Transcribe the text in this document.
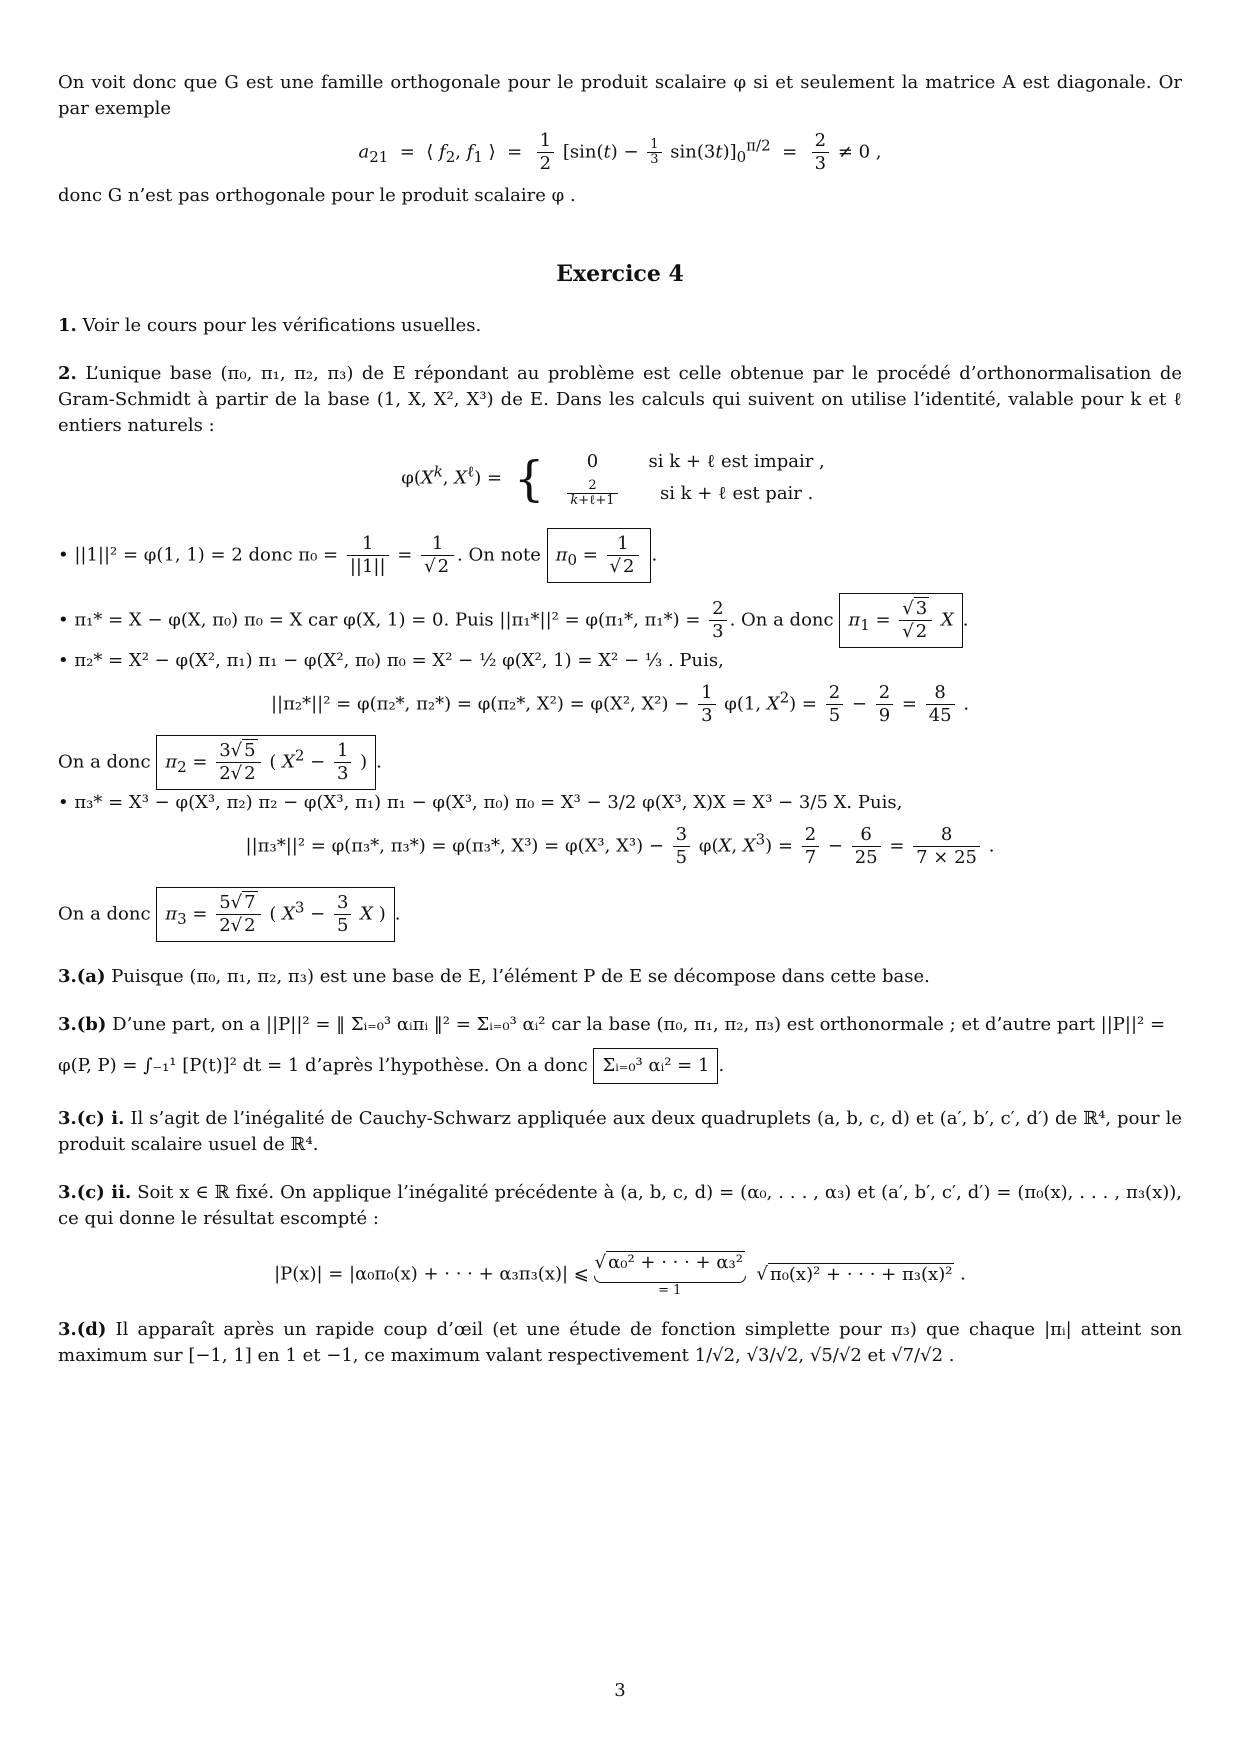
On voit donc que G est une famille orthogonale pour le produit scalaire φ si et seulement la matrice A est diagonale. Or par exemple

$a_{21}$  =  ⟨ $f_2$, $f_1$ ⟩  = $\frac{1}{2} [\sin(t) - \frac{1}{3} \sin(3t)]_0^{\pi/2} = \frac{2}{3} \ne 0$ ,

donc G n’est pas orthogonale pour le produit scalaire φ .

Exercice 4

1. Voir le cours pour les vérifications usuelles.

2. L’unique base (π₀, π₁, π₂, π₃) de E répondant au problème est celle obtenue par le procédé d’orthonormalisation de Gram-Schmidt à partir de la base (1, X, X², X³) de E. Dans les calculs qui suivent on utilise l’identité, valable pour k et ℓ entiers naturels :

$\varphi(X^k$, $X^\ell$) = { 0	si k + ℓ est impair ,

$\frac{2}{\text{k+ℓ+1}}$	si k + ℓ est pair .

• ||1||² = φ(1, 1) = 2 donc $\pi_0 = \frac{1}{||1||} = \frac{1}{√ 2}$ . On note $\pi_0 = \frac{1}{√ 2}$ .

• π₁* = X − φ(X, π₀) π₀ = X car φ(X, 1) = 0. Puis ||π₁*||² = φ(π₁*, $\pi_1*) = \frac{2}{3}$ . On a donc $\pi_1 = \frac{√ 3}{√ 2}$ X .

• π₂* = X² − φ(X², π₁) π₁ − φ(X², π₀) π₀ = X² − ½ φ(X², 1) = X² − ⅓ . Puis,

||π₂*||² = φ(π₂*, π₂*) = φ(π₂*, X²) = φ(X², $X^2) - \frac{1}{3} \varphi(1$, $X^2) = \frac{2}{5} - \frac{2}{9} = \frac{8}{45}$ .

On a donc $\pi_2 = \frac{3√ 5}{2√ 2}$ ( $X^2 - \frac{1}{3}$ ) .

• π₃* = X³ − φ(X³, π₂) π₂ − φ(X³, π₁) π₁ − φ(X³, π₀) π₀ = X³ − 3/2 φ(X³, X)X = X³ − 3/5 X. Puis,

||π₃*||² = φ(π₃*, π₃*) = φ(π₃*, X³) = φ(X³, $X^3) - \frac{3}{5} \varphi(X$, $X^3) = \frac{2}{7} - \frac{6}{25} = \frac{8}{7 \times 25}$ .

On a donc $\pi_3 = \frac{5√ 7}{2√ 2}$ ( $X^3 - \frac{3}{5}$ X ) .

3.(a) Puisque (π₀, π₁, π₂, π₃) est une base de E, l’élément P de E se décompose dans cette base.

3.(b) D’une part, on a ||P||² = ‖ Σᵢ₌₀³ αᵢπᵢ ‖² = Σᵢ₌₀³ αᵢ² car la base (π₀, π₁, π₂, π₃) est orthonormale ; et d’autre part ||P||² =

φ(P, P) = ∫₋₁¹ [P(t)]² dt = 1 d’après l’hypothèse. On a donc Σᵢ₌₀³ αᵢ² = 1 .

3.(c) i. Il s’agit de l’inégalité de Cauchy-Schwarz appliquée aux deux quadruplets (a, b, c, d) et (a′, b′, c′, d′) de ℝ⁴, pour le produit scalaire usuel de ℝ⁴.

3.(c) ii. Soit x ∈ ℝ fixé. On applique l’inégalité précédente à (a, b, c, d) = (α₀, . . . , α₃) et (a′, b′, c′, d′) = (π₀(x), . . . , π₃(x)), ce qui donne le résultat escompté :

|P(x)| = |α₀π₀(x) + · · · + α₃π₃(x)| ⩽
√ α₀² + · · · + α₃²
= 1
√ π₀(x)² + · · · + π₃(x)² .

3.(d) Il apparaît après un rapide coup d’œil (et une étude de fonction simplette pour π₃) que chaque |πᵢ| atteint son maximum sur [−1, 1] en 1 et −1, ce maximum valant respectivement 1/√2, √3/√2, √5/√2 et √7/√2 .

3
